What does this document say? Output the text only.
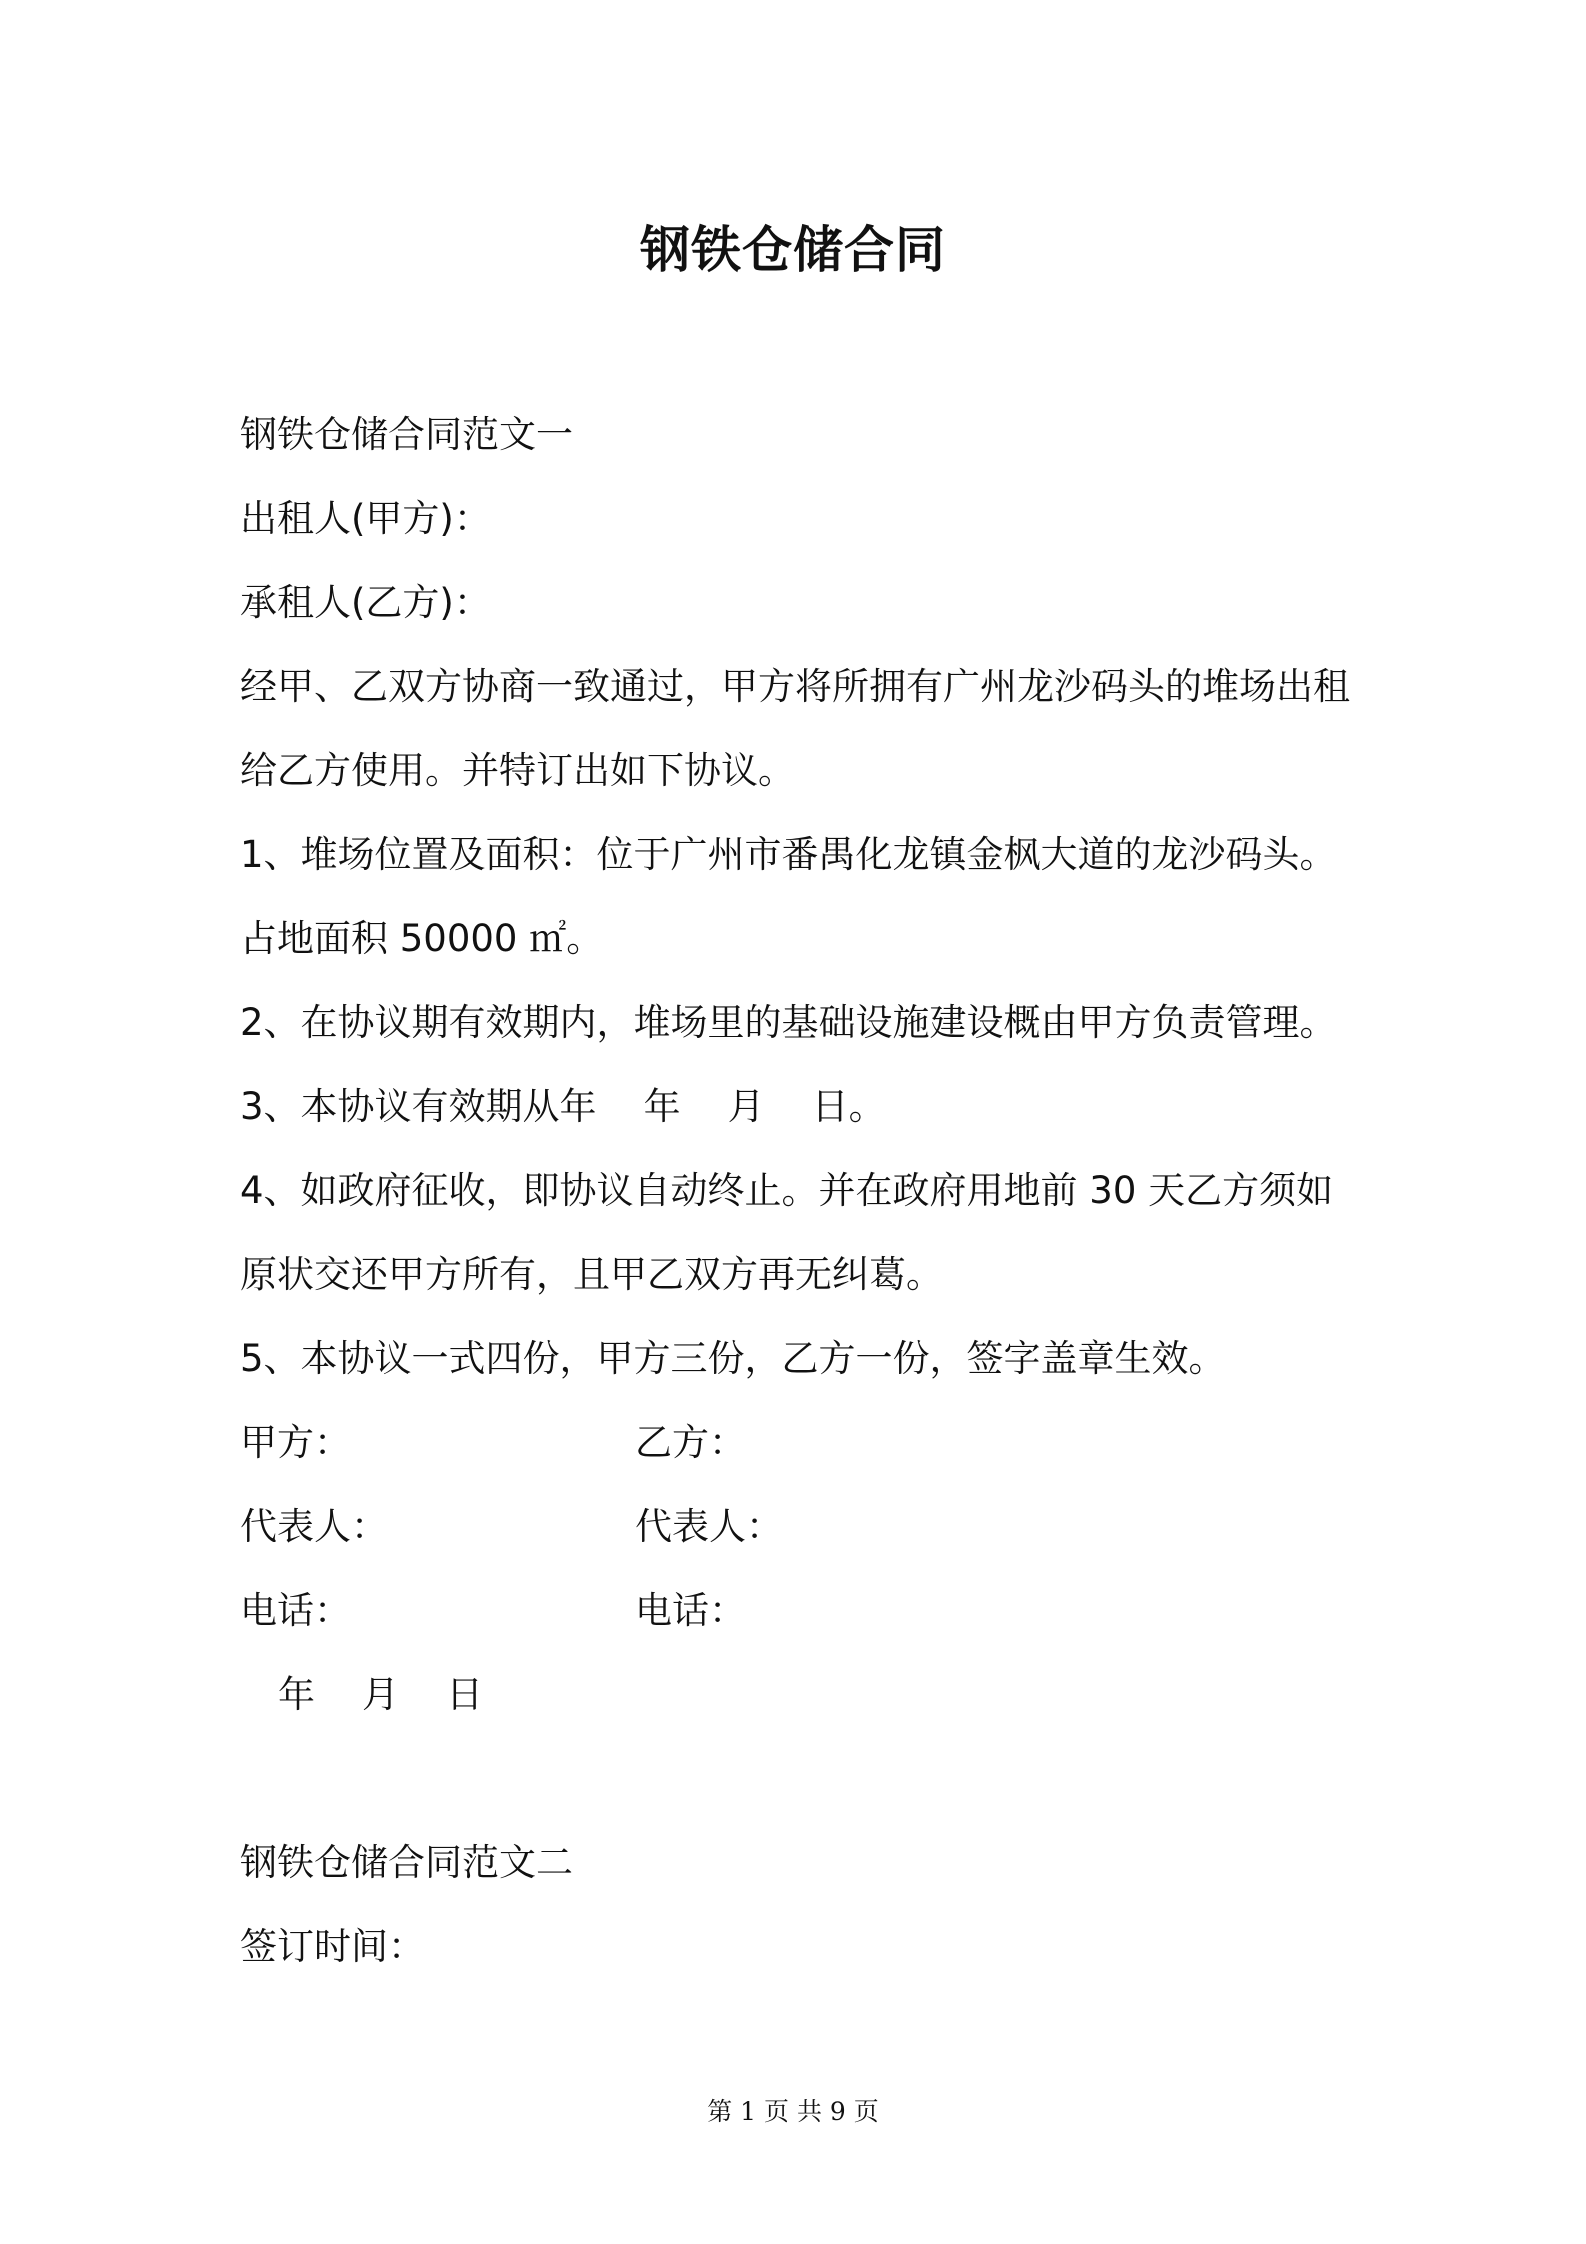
钢铁仓储合同
钢铁仓储合同范文一
出租人(甲方)：
承租人(乙方)：
经甲、乙双方协商一致通过，甲方将所拥有广州龙沙码头的堆场出租
给乙方使用。并特订出如下协议。
1、堆场位置及面积：位于广州市番禺化龙镇金枫大道的龙沙码头。
占地面积 50000 ㎡。
2、在协议期有效期内，堆场里的基础设施建设概由甲方负责管理。
3、本协议有效期从年    年    月    日。
4、如政府征收，即协议自动终止。并在政府用地前 30 天乙方须如
原状交还甲方所有，且甲乙双方再无纠葛。
5、本协议一式四份，甲方三份，乙方一份，签字盖章生效。
甲方：	乙方：
代表人：	代表人：
电话：	电话：
年    月    日
钢铁仓储合同范文二
签订时间：
第 1 页 共 9 页
